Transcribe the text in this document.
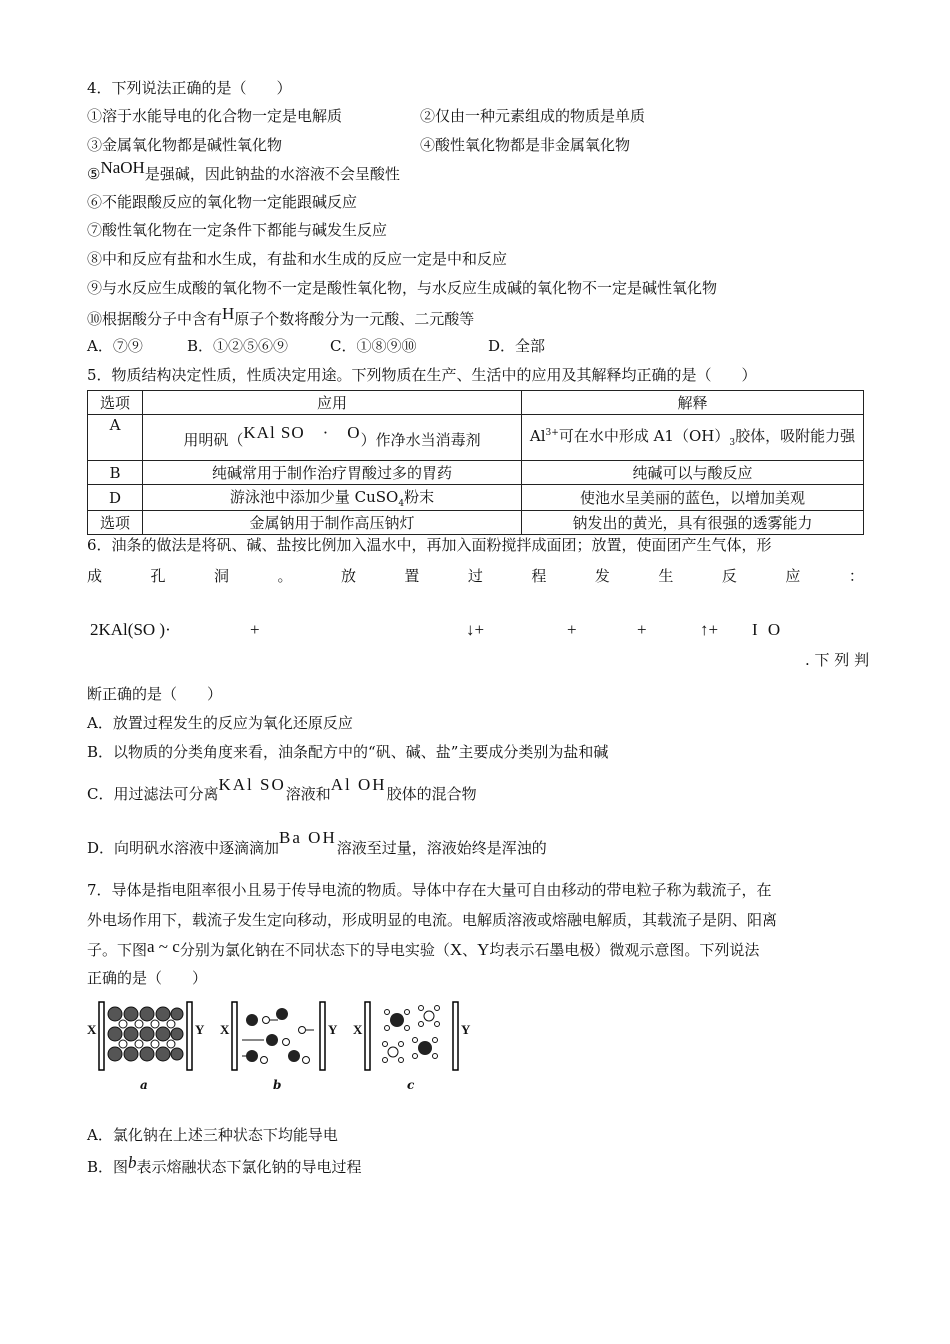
4．下列说法正确的是（　　）
①溶于水能导电的化合物一定是电解质	②仅由一种元素组成的物质是单质
③金属氧化物都是碱性氧化物	④酸性氧化物都是非金属氧化物
⑤NaOH是强碱，因此钠盐的水溶液不会呈酸性
⑥不能跟酸反应的氧化物一定能跟碱反应
⑦酸性氧化物在一定条件下都能与碱发生反应
⑧中和反应有盐和水生成，有盐和水生成的反应一定是中和反应
⑨与水反应生成酸的氧化物不一定是酸性氧化物，与水反应生成碱的氧化物不一定是碱性氧化物
⑩根据酸分子中含有H原子个数将酸分为一元酸、二元酸等
A．⑦⑨	B．①②⑤⑥⑨	C．①⑧⑨⑩	D．全部
5．物质结构决定性质，性质决定用途。下列物质在生产、生活中的应用及其解释均正确的是（　　）
选项	应用	解释
A	用明矾（KAl SO　·　O）作净水当消毒剂	$Al^{3+}$可在水中形成 $A1(OH)_3$胶体，吸附能力强
B	纯碱常用于制作治疗胃酸过多的胃药	纯碱可以与酸反应
D	游泳池中添加少量 CuSO$_4$粉末	使池水呈美丽的蓝色，以增加美观
选项	金属钠用于制作高压钠灯	钠发出的黄光，具有很强的透雾能力
6．油条的做法是将矾、碱、盐按比例加入温水中，再加入面粉搅拌成面团；放置，使面团产生气体，形
成	孔	洞	。	放	置	过	程	发	生	反	应	：
2KAl(SO )·	+	↓+	+	+	↑+ I O
. 下 列 判
断正确的是（　　）
A．放置过程发生的反应为氧化还原反应
B．以物质的分类角度来看，油条配方中的“矾、碱、盐”主要成分类别为盐和碱
C．用过滤法可分离KAl SO溶液和Al OH胶体的混合物
D．向明矾水溶液中逐滴滴加Ba OH溶液至过量，溶液始终是浑浊的
7．导体是指电阻率很小且易于传导电流的物质。导体中存在大量可自由移动的带电粒子称为载流子，在
外电场作用下，载流子发生定向移动，形成明显的电流。电解质溶液或熔融电解质，其载流子是阴、阳离
子。下图a ~ c分别为氯化钠在不同状态下的导电实验（X、Y均表示石墨电极）微观示意图。下列说法
正确的是（　　）
X	Y X	Y X	Y
a	b	c
A．氯化钠在上述三种状态下均能导电
B．图b表示熔融状态下氯化钠的导电过程
